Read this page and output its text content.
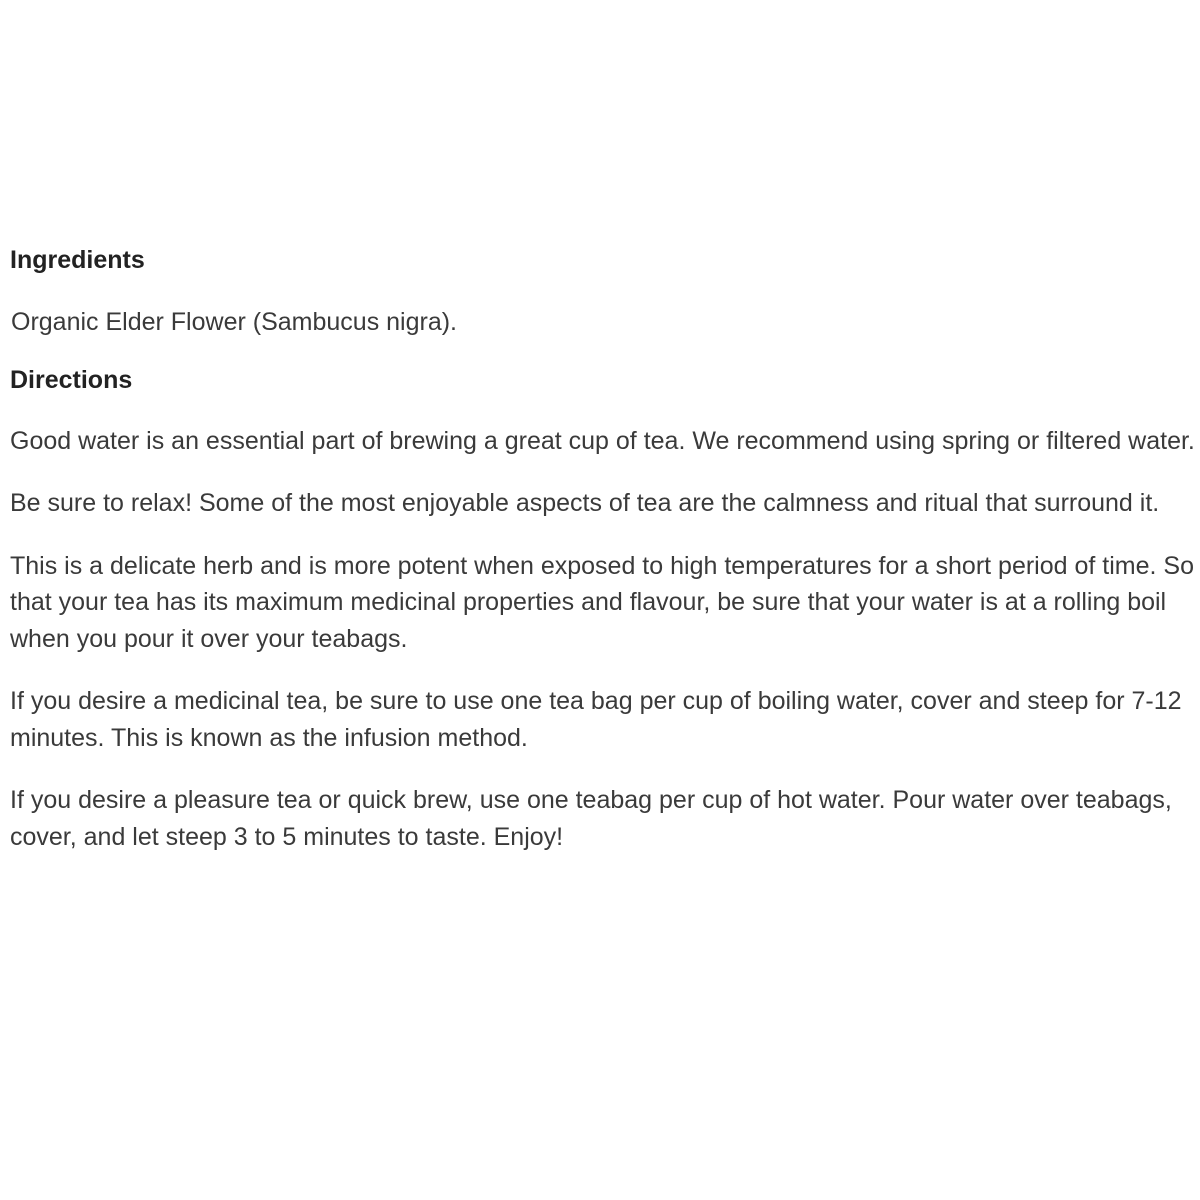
Ingredients

Organic Elder Flower (Sambucus nigra).

Directions

Good water is an essential part of brewing a great cup of tea. We recommend using spring or filtered water.

Be sure to relax! Some of the most enjoyable aspects of tea are the calmness and ritual that surround it.

This is a delicate herb and is more potent when exposed to high temperatures for a short period of time. So that your tea has its maximum medicinal properties and flavour, be sure that your water is at a rolling boil when you pour it over your teabags.

If you desire a medicinal tea, be sure to use one tea bag per cup of boiling water, cover and steep for 7-12 minutes. This is known as the infusion method.

If you desire a pleasure tea or quick brew, use one teabag per cup of hot water. Pour water over teabags, cover, and let steep 3 to 5 minutes to taste. Enjoy!
